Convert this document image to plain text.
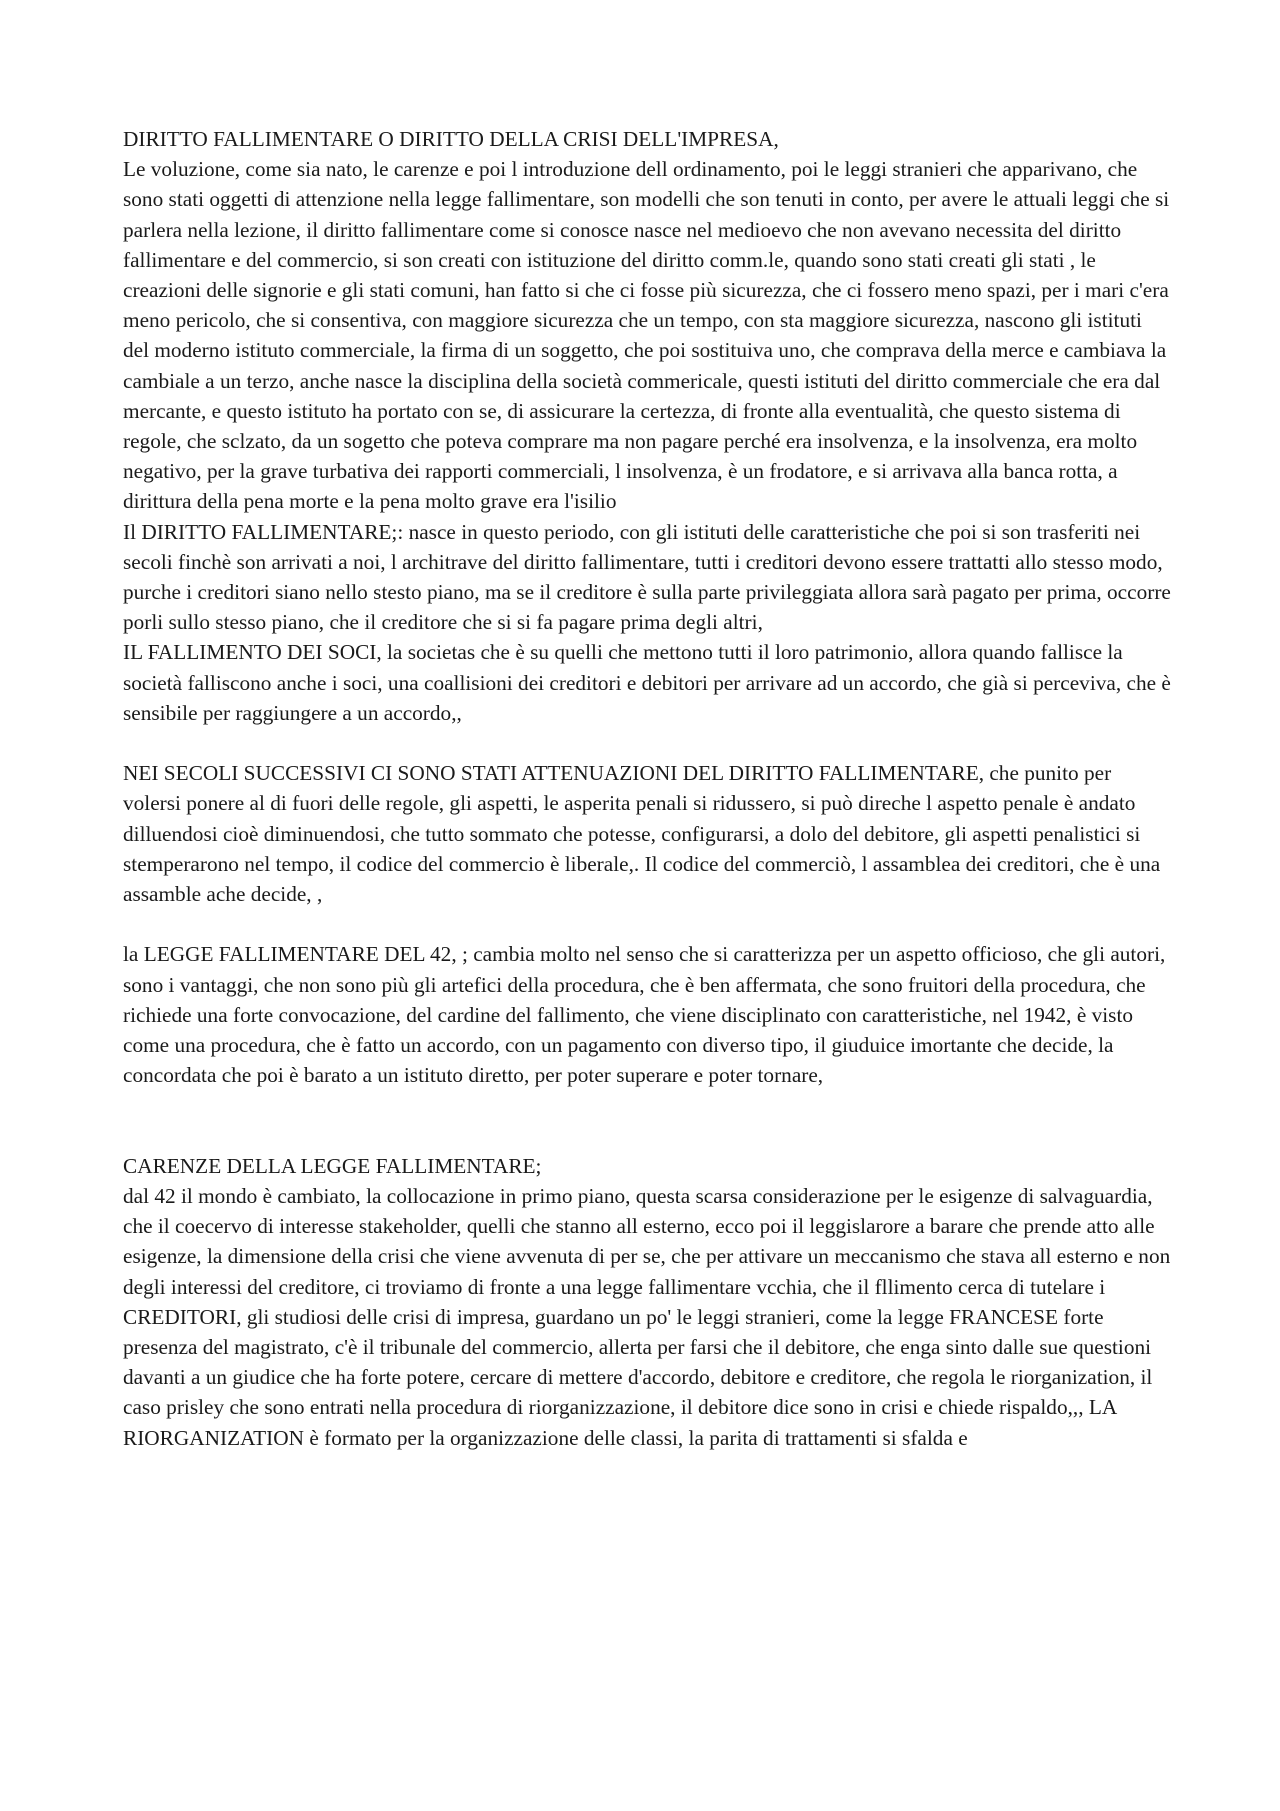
DIRITTO FALLIMENTARE O DIRITTO DELLA CRISI DELL'IMPRESA,

Le voluzione, come sia nato, le carenze e poi l introduzione dell ordinamento, poi le leggi stranieri che apparivano, che sono stati oggetti di attenzione nella legge fallimentare, son modelli che son tenuti in conto, per avere le attuali leggi che si parlera nella lezione, il diritto fallimentare come si conosce nasce nel medioevo che non avevano necessita del diritto fallimentare e del commercio, si son creati con istituzione del diritto comm.le, quando sono stati creati gli stati , le creazioni delle signorie e gli stati comuni, han fatto si che ci fosse più sicurezza, che ci fossero meno spazi, per i mari c'era meno pericolo, che si consentiva, con maggiore sicurezza che un tempo, con sta maggiore sicurezza, nascono gli istituti del moderno istituto commerciale, la firma di un soggetto, che poi sostituiva uno, che comprava della merce e cambiava la cambiale a un terzo, anche nasce la disciplina della società commericale, questi istituti del diritto commerciale che era dal mercante, e questo istituto ha portato con se, di assicurare la certezza, di fronte alla eventualità, che questo sistema di regole, che sclzato, da un sogetto che poteva comprare ma non pagare perché era insolvenza, e la insolvenza, era molto negativo, per la grave turbativa dei rapporti commerciali, l insolvenza, è un frodatore, e si arrivava alla banca rotta, a dirittura della pena morte e la pena molto grave era l'isilio

Il DIRITTO FALLIMENTARE;: nasce in questo periodo, con gli istituti delle caratteristiche che poi si son trasferiti nei secoli finchè son arrivati a noi, l architrave del diritto fallimentare, tutti i creditori devono essere trattatti allo stesso modo, purche i creditori siano nello stesto piano, ma se il creditore è sulla parte privileggiata allora sarà pagato per prima, occorre porli sullo stesso piano, che il creditore che si si fa pagare prima degli altri,

IL FALLIMENTO DEI SOCI, la societas che è su quelli che mettono tutti il loro patrimonio, allora quando fallisce la società falliscono anche i soci, una coallisioni dei creditori e debitori per arrivare ad un accordo, che già si perceviva, che è sensibile per raggiungere a un accordo,,

NEI SECOLI SUCCESSIVI CI SONO STATI ATTENUAZIONI DEL DIRITTO FALLIMENTARE, che punito per volersi ponere al di fuori delle regole, gli aspetti, le asperita penali si ridussero, si può direche l aspetto penale è andato dilluendosi cioè diminuendosi, che tutto sommato che potesse, configurarsi, a dolo del debitore, gli aspetti penalistici si stemperarono nel tempo, il codice del commercio è liberale,. Il codice del commerciò, l assamblea dei creditori, che è una assamble ache decide, ,

la LEGGE FALLIMENTARE DEL 42, ; cambia molto nel senso che si caratterizza per un aspetto officioso, che gli autori, sono i vantaggi, che non sono più gli artefici della procedura, che è ben affermata, che sono fruitori della procedura, che richiede una forte convocazione, del cardine del fallimento, che viene disciplinato con caratteristiche, nel 1942, è visto come una procedura, che è fatto un accordo, con un pagamento con diverso tipo, il giuduice imortante che decide, la concordata che poi è barato a un istituto diretto, per poter superare e poter tornare,

CARENZE DELLA LEGGE FALLIMENTARE;

dal 42 il mondo è cambiato, la collocazione in primo piano, questa scarsa considerazione per le esigenze di salvaguardia, che il coecervo di interesse stakeholder, quelli che stanno all esterno, ecco poi il leggislarore a barare che prende atto alle esigenze, la dimensione della crisi che viene avvenuta di per se, che per attivare un meccanismo che stava all esterno e non degli interessi del creditore, ci troviamo di fronte a una legge fallimentare vcchia, che il fllimento cerca di tutelare i CREDITORI, gli studiosi delle crisi di impresa, guardano un po' le leggi stranieri, come la legge FRANCESE forte presenza del magistrato, c'è il tribunale del commercio, allerta per farsi che il debitore, che enga sinto dalle sue questioni davanti a un giudice che ha forte potere, cercare di mettere d'accordo, debitore e creditore, che regola le riorganization, il caso prisley che sono entrati nella procedura di riorganizzazione, il debitore dice sono in crisi e chiede rispaldo,,, LA RIORGANIZATION è formato per la organizzazione delle classi, la parita di trattamenti si sfalda e
